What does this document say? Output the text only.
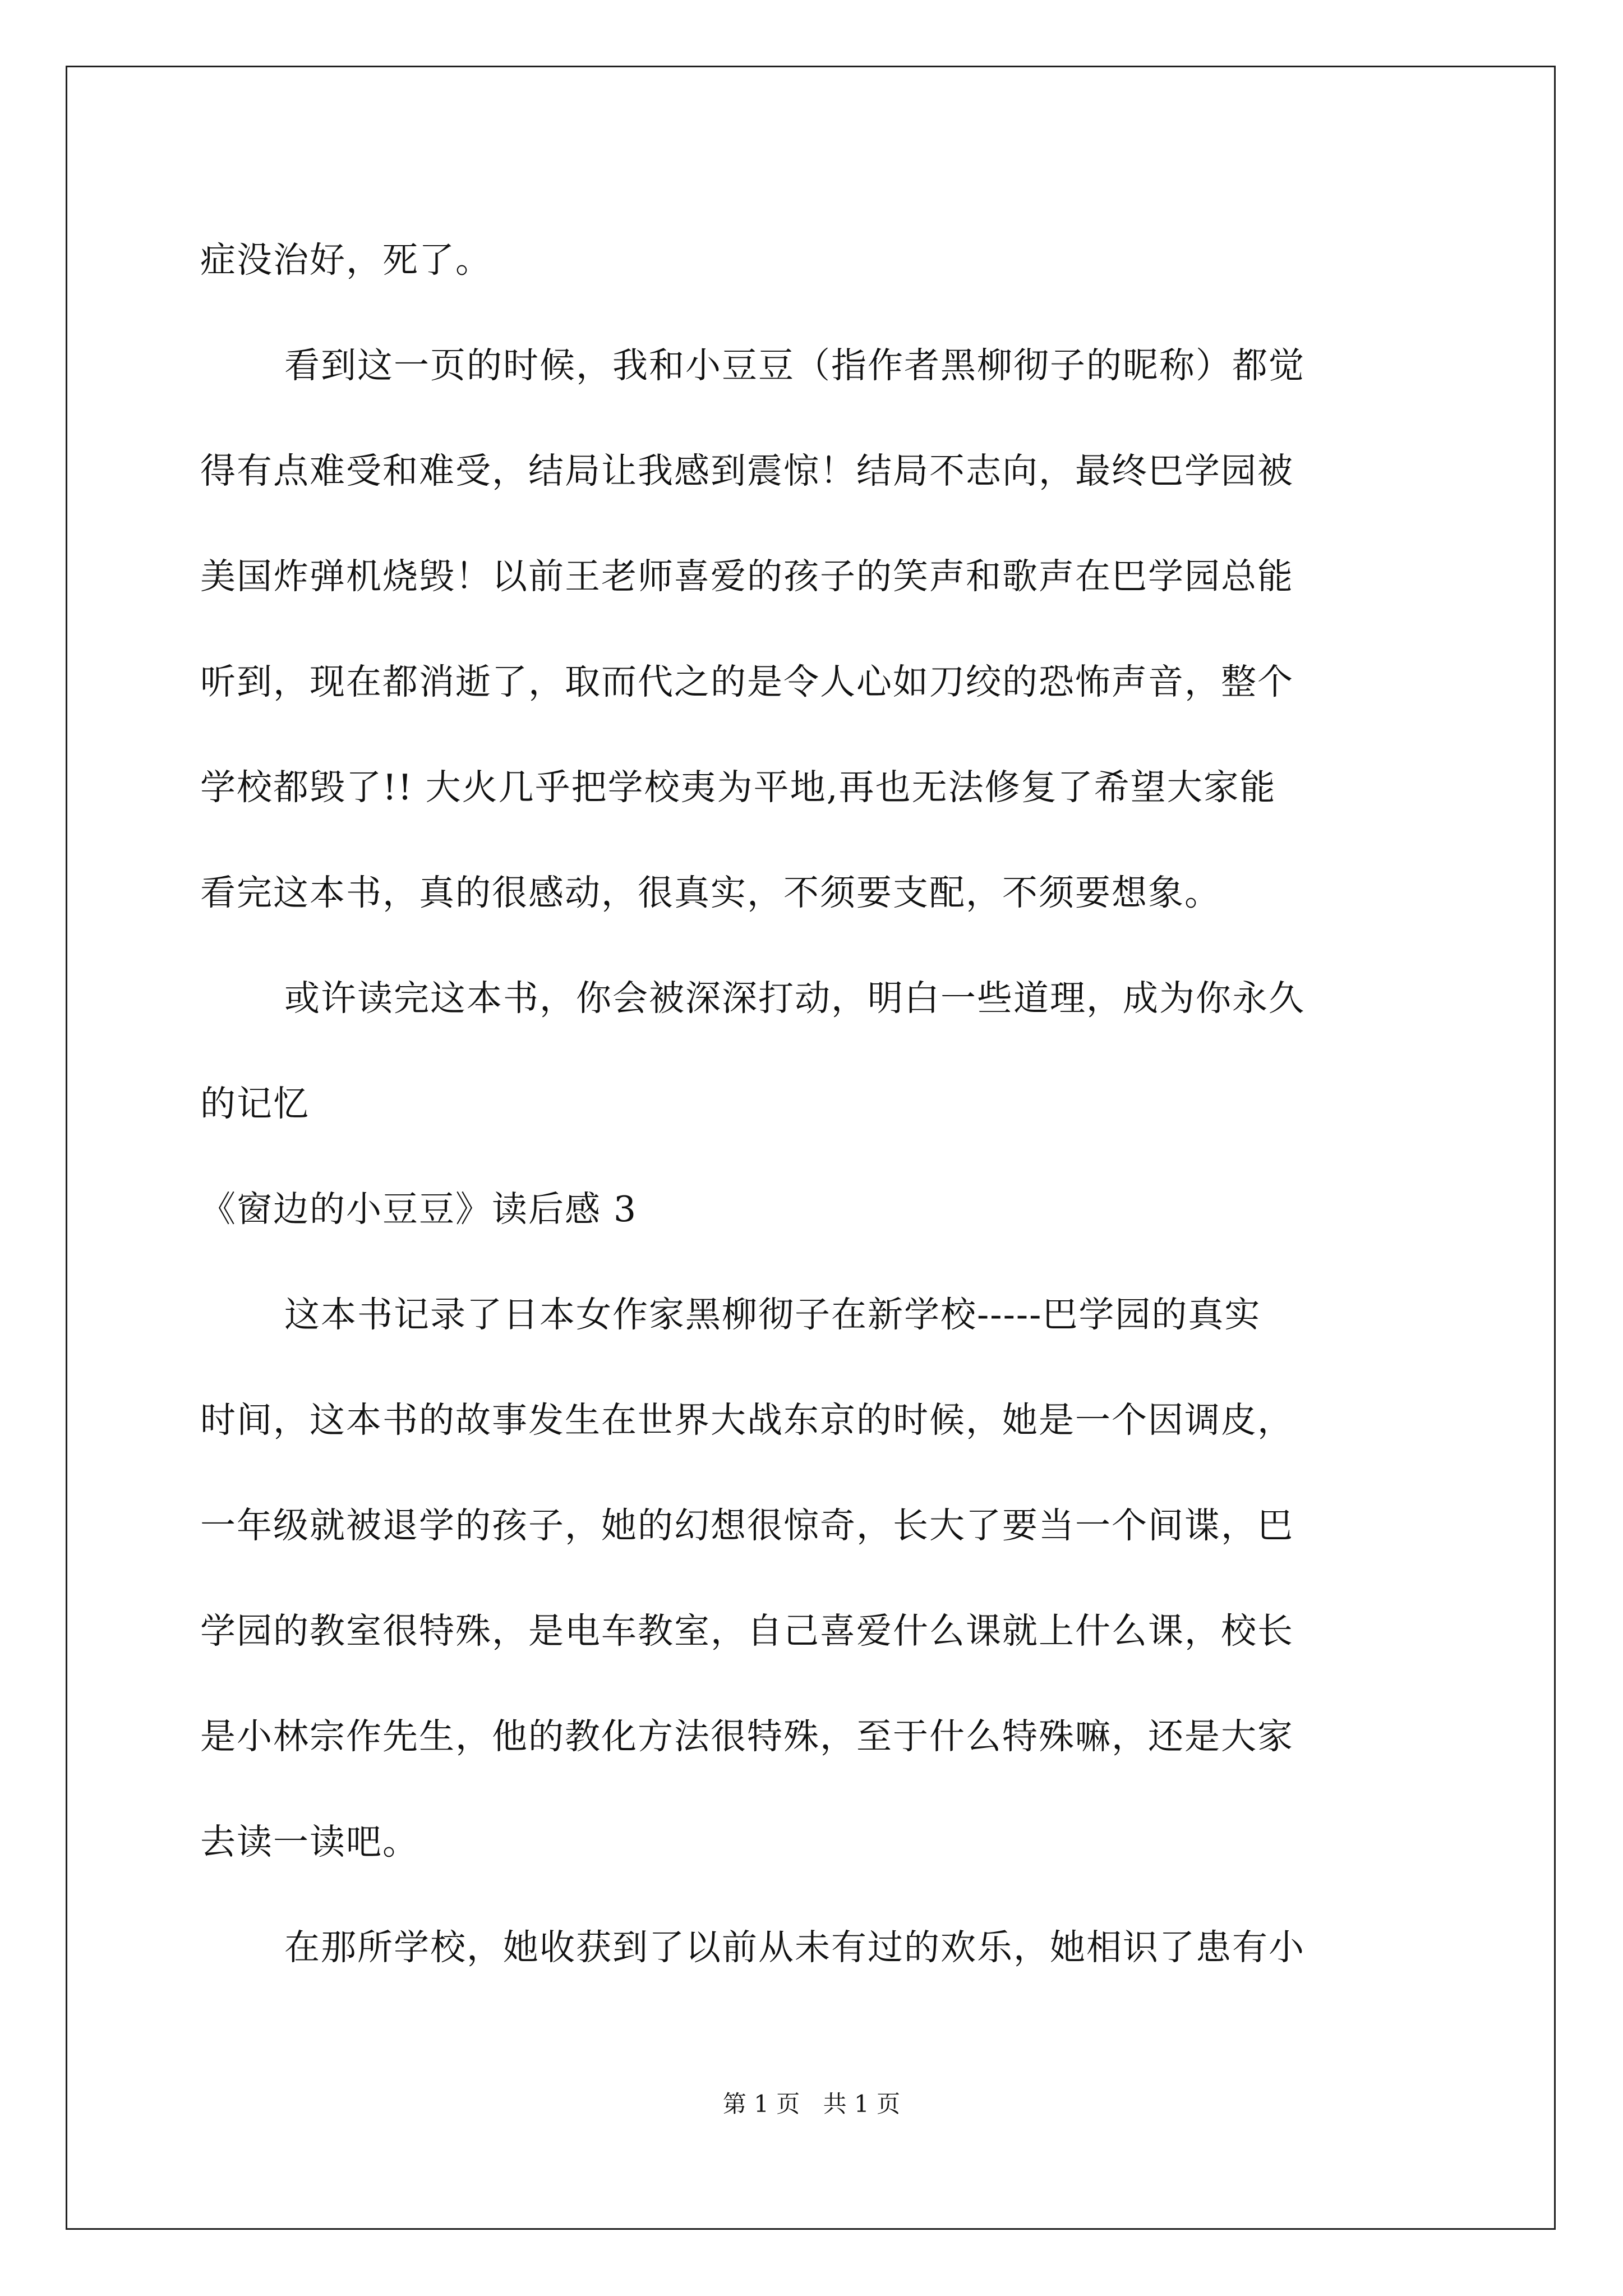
症没治好，死了。
看到这一页的时候，我和小豆豆（指作者黑柳彻子的昵称）都觉
得有点难受和难受，结局让我感到震惊！结局不志向，最终巴学园被
美国炸弹机烧毁！以前王老师喜爱的孩子的笑声和歌声在巴学园总能
听到，现在都消逝了，取而代之的是令人心如刀绞的恐怖声音，整个
学校都毁了!! 大火几乎把学校夷为平地,再也无法修复了希望大家能
看完这本书，真的很感动，很真实，不须要支配，不须要想象。
或许读完这本书，你会被深深打动，明白一些道理，成为你永久
的记忆
《窗边的小豆豆》读后感 3
这本书记录了日本女作家黑柳彻子在新学校-----巴学园的真实
时间，这本书的故事发生在世界大战东京的时候，她是一个因调皮，
一年级就被退学的孩子，她的幻想很惊奇，长大了要当一个间谍，巴
学园的教室很特殊，是电车教室，自己喜爱什么课就上什么课，校长
是小林宗作先生，他的教化方法很特殊，至于什么特殊嘛，还是大家
去读一读吧。
在那所学校，她收获到了以前从未有过的欢乐，她相识了患有小
第 1 页 共 1 页
